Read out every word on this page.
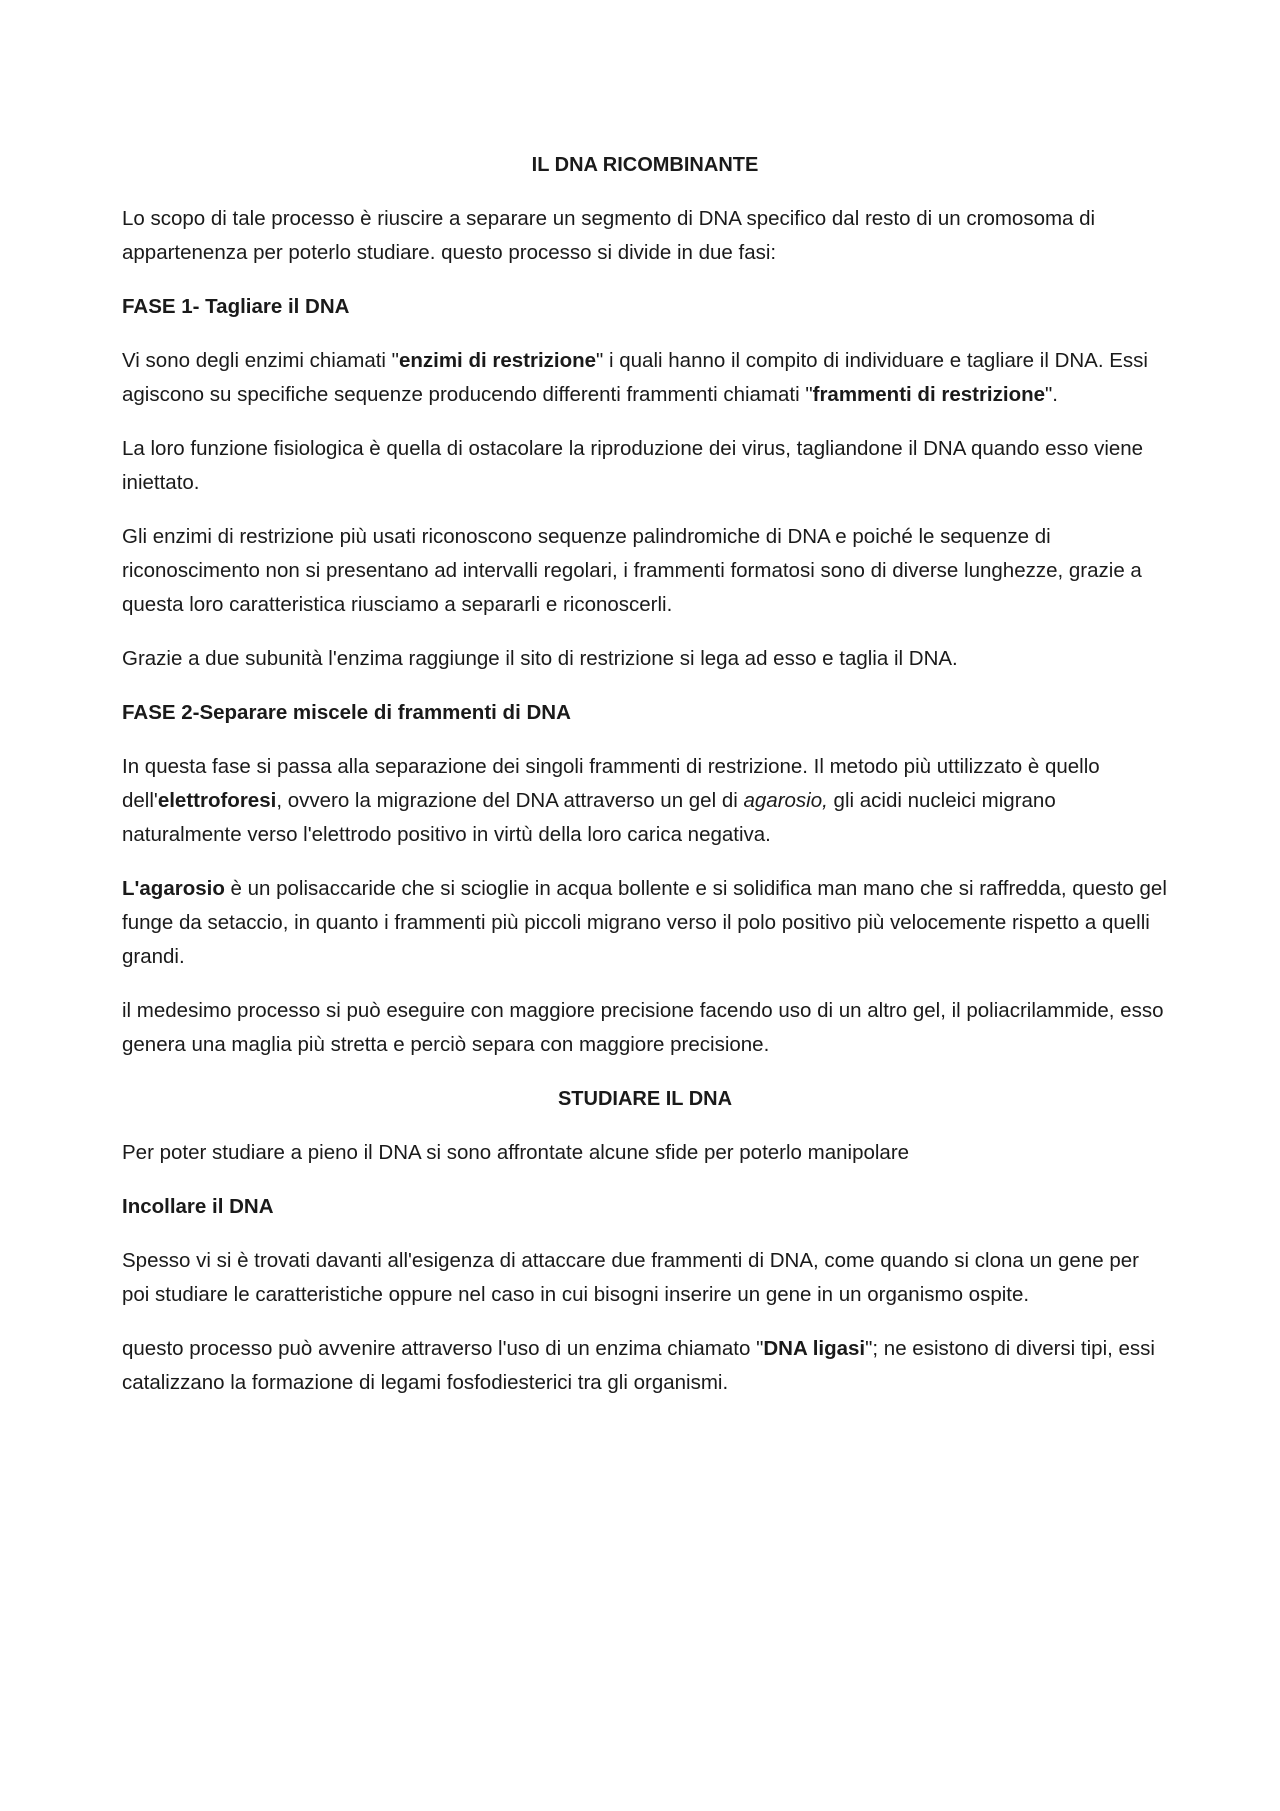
IL DNA RICOMBINANTE

Lo scopo di tale processo è riuscire a separare un segmento di DNA specifico dal resto di un cromosoma di appartenenza per poterlo studiare. questo processo si divide in due fasi:

FASE 1- Tagliare il DNA

Vi sono degli enzimi chiamati "enzimi di restrizione" i quali hanno il compito di individuare e tagliare il DNA. Essi agiscono su specifiche sequenze producendo differenti frammenti chiamati "frammenti di restrizione".

La loro funzione fisiologica è quella di ostacolare la riproduzione dei virus, tagliandone il DNA quando esso viene iniettato.

Gli enzimi di restrizione più usati riconoscono sequenze palindromiche di DNA e poiché le sequenze di riconoscimento non si presentano ad intervalli regolari, i frammenti formatosi sono di diverse lunghezze, grazie a questa loro caratteristica riusciamo a separarli e riconoscerli.

Grazie a due subunità l'enzima raggiunge il sito di restrizione si lega ad esso e taglia il DNA.

FASE 2-Separare miscele di frammenti di DNA

In questa fase si passa alla separazione dei singoli frammenti di restrizione. Il metodo più uttilizzato è quello dell'elettroforesi, ovvero la migrazione del DNA attraverso un gel di agarosio, gli acidi nucleici migrano naturalmente verso l'elettrodo positivo in virtù della loro carica negativa.

L'agarosio è un polisaccaride che si scioglie in acqua bollente e si solidifica man mano che si raffredda, questo gel funge da setaccio, in quanto i frammenti più piccoli migrano verso il polo positivo più velocemente rispetto a quelli grandi.

il medesimo processo si può eseguire con maggiore precisione facendo uso di un altro gel, il poliacrilammide, esso genera una maglia più stretta e perciò separa con maggiore precisione.

STUDIARE IL DNA

Per poter studiare a pieno il DNA si sono affrontate alcune sfide per poterlo manipolare

Incollare il DNA

Spesso vi si è trovati davanti all'esigenza di attaccare due frammenti di DNA, come quando si clona un gene per poi studiare le caratteristiche oppure nel caso in cui bisogni inserire un gene in un organismo ospite.

questo processo può avvenire attraverso l'uso di un enzima chiamato "DNA ligasi"; ne esistono di diversi tipi, essi catalizzano la formazione di legami fosfodiesterici tra gli organismi.
